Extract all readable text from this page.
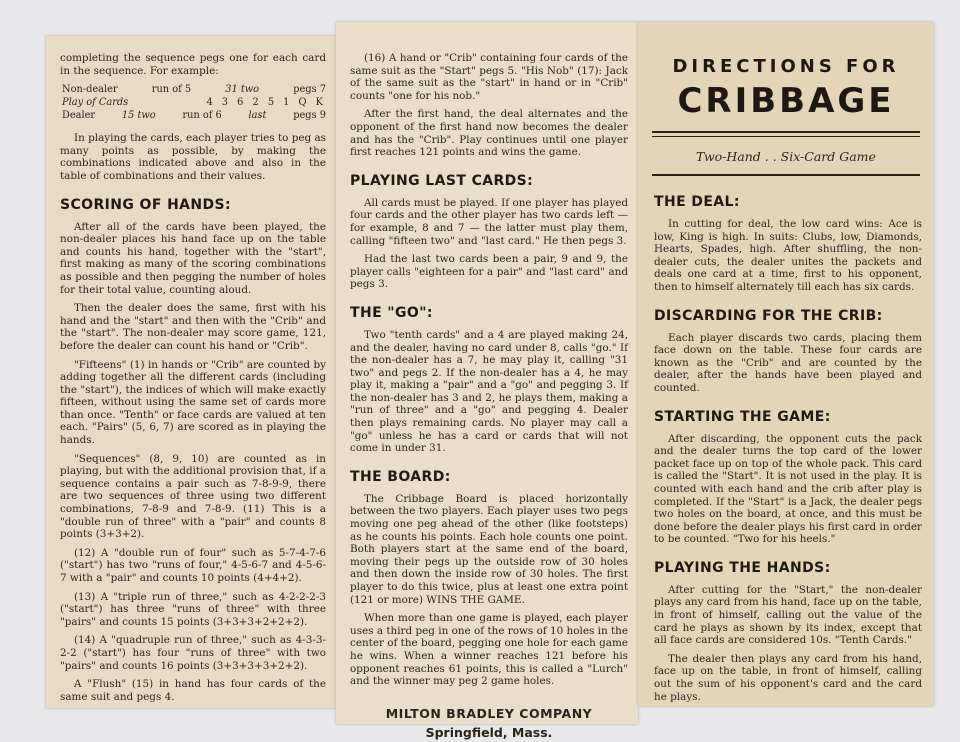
completing the sequence pegs one for each card in the sequence. For example:

Non-dealer	run of 5	31 two	pegs 7
Play of Cards	4 3 6 2 5 1 Q K
Dealer	15 two	run of 6	last	pegs 9

In playing the cards, each player tries to peg as many points as possible, by making the combinations indicated above and also in the table of combinations and their values.

SCORING OF HANDS:

After all of the cards have been played, the non-dealer places his hand face up on the table and counts his hand, together with the "start", first making as many of the scoring combinations as possible and then pegging the number of holes for their total value, counting aloud.

Then the dealer does the same, first with his hand and the "start" and then with the "Crib" and the "start". The non-dealer may score game, 121, before the dealer can count his hand or "Crib".

"Fifteens" (1) in hands or "Crib" are counted by adding together all the different cards (including the "start"), the indices of which will make exactly fifteen, without using the same set of cards more than once. "Tenth" or face cards are valued at ten each. "Pairs" (5, 6, 7) are scored as in playing the hands.

"Sequences" (8, 9, 10) are counted as in playing, but with the additional provision that, if a sequence contains a pair such as 7-8-9-9, there are two sequences of three using two different combinations, 7-8-9 and 7-8-9. (11) This is a "double run of three" with a "pair" and counts 8 points (3+3+2).

(12) A "double run of four" such as 5-7-4-7-6 ("start") has two "runs of four," 4-5-6-7 and 4-5-6-7 with a "pair" and counts 10 points (4+4+2).

(13) A "triple run of three," such as 4-2-2-2-3 ("start") has three "runs of three" with three "pairs" and counts 15 points (3+3+3+2+2+2).

(14) A "quadruple run of three," such as 4-3-3-2-2 ("start") has four "runs of three" with two "pairs" and counts 16 points (3+3+3+3+2+2).

A "Flush" (15) in hand has four cards of the same suit and pegs 4.

(16) A hand or "Crib" containing four cards of the same suit as the "Start" pegs 5. "His Nob" (17): Jack of the same suit as the "start" in hand or in "Crib" counts "one for his nob."

After the first hand, the deal alternates and the opponent of the first hand now becomes the dealer and has the "Crib". Play continues until one player first reaches 121 points and wins the game.

PLAYING LAST CARDS:

All cards must be played. If one player has played four cards and the other player has two cards left — for example, 8 and 7 — the latter must play them, calling "fifteen two" and "last card." He then pegs 3.

Had the last two cards been a pair, 9 and 9, the player calls "eighteen for a pair" and "last card" and pegs 3.

THE "GO":

Two "tenth cards" and a 4 are played making 24, and the dealer, having no card under 8, calls "go." If the non-dealer has a 7, he may play it, calling "31 two" and pegs 2. If the non-dealer has a 4, he may play it, making a "pair" and a "go" and pegging 3. If the non-dealer has 3 and 2, he plays them, making a "run of three" and a "go" and pegging 4. Dealer then plays remaining cards. No player may call a "go" unless he has a card or cards that will not come in under 31.

THE BOARD:

The Cribbage Board is placed horizontally between the two players. Each player uses two pegs moving one peg ahead of the other (like footsteps) as he counts his points. Each hole counts one point. Both players start at the same end of the board, moving their pegs up the outside row of 30 holes and then down the inside row of 30 holes. The first player to do this twice, plus at least one extra point (121 or more) WINS THE GAME.

When more than one game is played, each player uses a third peg in one of the rows of 10 holes in the center of the board, pegging one hole for each game he wins. When a winner reaches 121 before his opponent reaches 61 points, this is called a "Lurch" and the winner may peg 2 game holes.

MILTON BRADLEY COMPANY
Springfield, Mass.
DIRECTIONS FOR
CRIBBAGE
Two-Hand . . Six-Card Game
THE DEAL:

In cutting for deal, the low card wins: Ace is low, King is high. In suits: Clubs, low, Diamonds, Hearts, Spades, high. After shuffling, the non-dealer cuts, the dealer unites the packets and deals one card at a time, first to his opponent, then to himself alternately till each has six cards.

DISCARDING FOR THE CRIB:

Each player discards two cards, placing them face down on the table. These four cards are known as the "Crib" and are counted by the dealer, after the hands have been played and counted.

STARTING THE GAME:

After discarding, the opponent cuts the pack and the dealer turns the top card of the lower packet face up on top of the whole pack. This card is called the "Start". It is not used in the play. It is counted with each hand and the crib after play is completed. If the "Start" is a Jack, the dealer pegs two holes on the board, at once, and this must be done before the dealer plays his first card in order to be counted. "Two for his heels."

PLAYING THE HANDS:

After cutting for the "Start," the non-dealer plays any card from his hand, face up on the table, in front of himself, calling out the value of the card he plays as shown by its index, except that all face cards are considered 10s. "Tenth Cards."

The dealer then plays any card from his hand, face up on the table, in front of himself, calling out the sum of his opponent's card and the card he plays.
